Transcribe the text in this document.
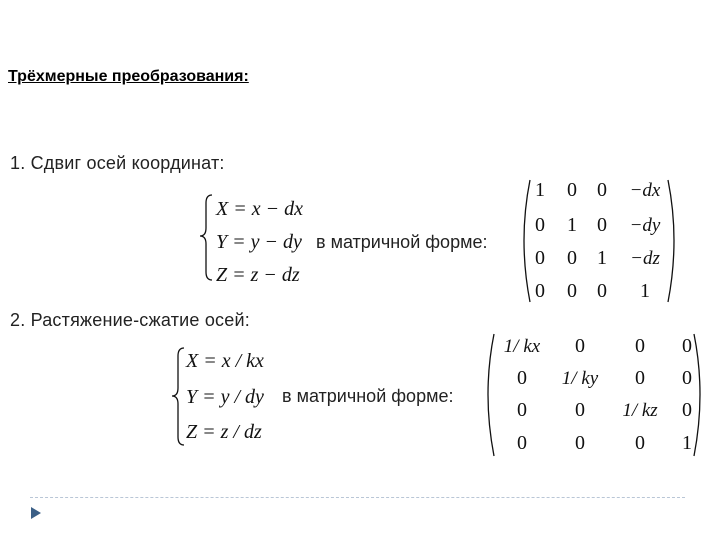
Трёхмерные преобразования:
1. Сдвиг осей координат:
2. Растяжение-сжатие осей:
X = x − dx
Y = y − dy
Z = z − dz
в матричной форме:
1 0 0 −dx
0 1 0 −dy
0 0 1 −dz
0 0 0 1
X = x / kx
Y = y / dy
Z = z / dz
в матричной форме:
1/ kx 0	0 0
0 1/ ky 0 0
0 0 1/ kz 0
0 0	0 1
